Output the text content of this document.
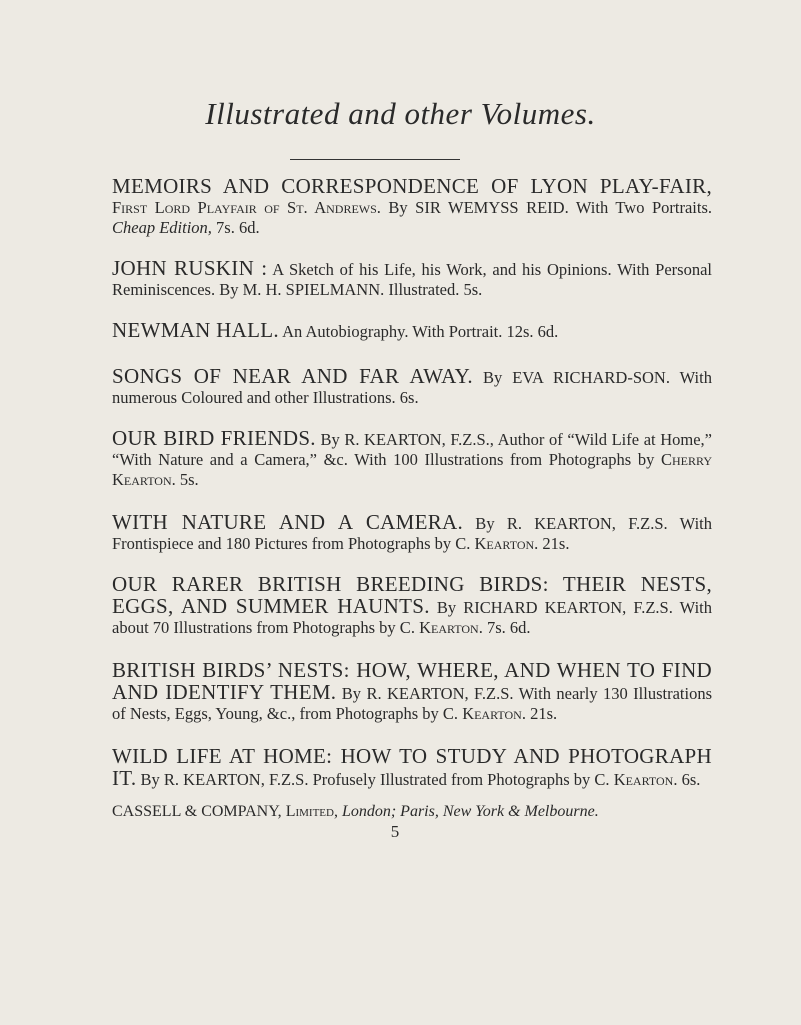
Illustrated and other Volumes.

MEMOIRS AND CORRESPONDENCE OF LYON PLAY-FAIR, First Lord Playfair of St. Andrews. By SIR WEMYSS REID. With Two Portraits. Cheap Edition, 7s. 6d.

JOHN RUSKIN : A Sketch of his Life, his Work, and his Opinions. With Personal Reminiscences. By M. H. SPIELMANN. Illustrated. 5s.

NEWMAN HALL. An Autobiography. With Portrait. 12s. 6d.

SONGS OF NEAR AND FAR AWAY. By EVA RICHARD-SON. With numerous Coloured and other Illustrations. 6s.

OUR BIRD FRIENDS. By R. KEARTON, F.Z.S., Author of “Wild Life at Home,” “With Nature and a Camera,” &c. With 100 Illustrations from Photographs by Cherry Kearton. 5s.

WITH NATURE AND A CAMERA. By R. KEARTON, F.Z.S. With Frontispiece and 180 Pictures from Photographs by C. Kearton. 21s.

OUR RARER BRITISH BREEDING BIRDS: THEIR NESTS, EGGS, AND SUMMER HAUNTS. By RICHARD KEARTON, F.Z.S. With about 70 Illustrations from Photographs by C. Kearton. 7s. 6d.

BRITISH BIRDS’ NESTS: HOW, WHERE, AND WHEN TO FIND AND IDENTIFY THEM. By R. KEARTON, F.Z.S. With nearly 130 Illustrations of Nests, Eggs, Young, &c., from Photographs by C. Kearton. 21s.

WILD LIFE AT HOME: HOW TO STUDY AND PHOTOGRAPH IT. By R. KEARTON, F.Z.S. Profusely Illustrated from Photographs by C. Kearton. 6s.

CASSELL & COMPANY, Limited, London; Paris, New York & Melbourne.

5
